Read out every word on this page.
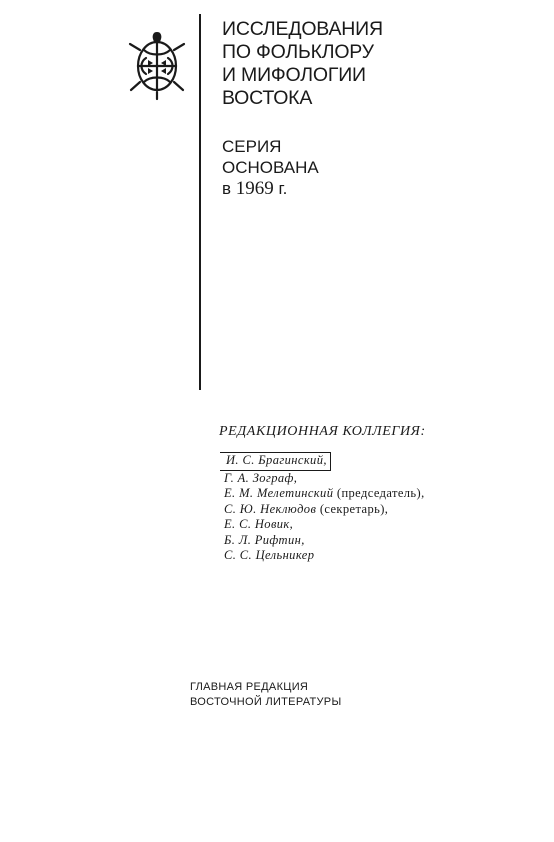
ИССЛЕДОВАНИЯ
ПО ФОЛЬКЛОРУ
И МИФОЛОГИИ
ВОСТОКА
СЕРИЯ
ОСНОВАНА
в 1969 г.
РЕДАКЦИОННАЯ КОЛЛЕГИЯ:
И. С. Брагинский,
Г. А. Зограф,
Е. М. Мелетинский (председатель),
С. Ю. Неклюдов (секретарь),
Е. С. Новик,
Б. Л. Рифтин,
С. С. Цельникер
ГЛАВНАЯ РЕДАКЦИЯ
ВОСТОЧНОЙ ЛИТЕРАТУРЫ
